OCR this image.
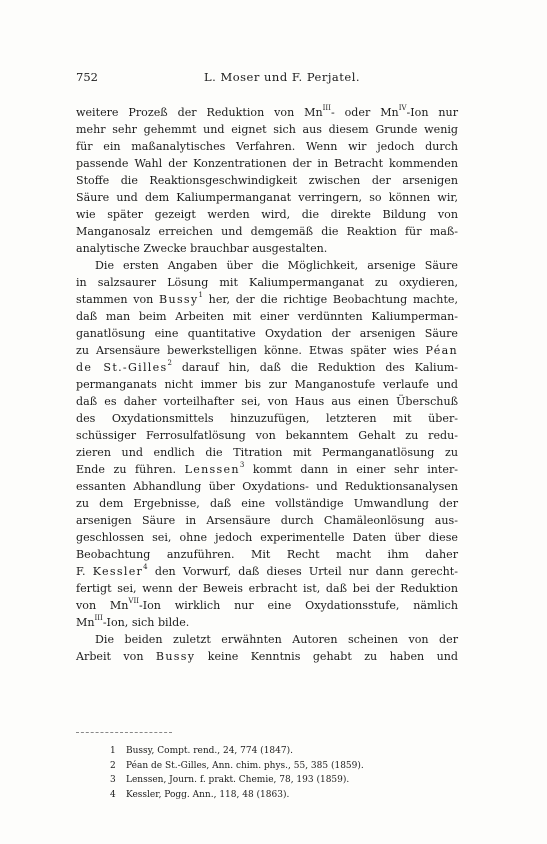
752	L. Moser und F. Perjatel.
weitere Prozeß der Reduktion von $Mn^{III}-$ oder $Mn^{IV}$-Ion nur
mehr sehr gehemmt und eignet sich aus diesem Grunde wenig
für ein maßanalytisches Verfahren. Wenn wir jedoch durch
passende Wahl der Konzentrationen der in Betracht kommenden
Stoffe die Reaktionsgeschwindigkeit zwischen der arsenigen
Säure und dem Kaliumpermanganat verringern, so können wir,
wie später gezeigt werden wird, die direkte Bildung von
Manganosalz erreichen und demgemäß die Reaktion für maß-
analytische Zwecke brauchbar ausgestalten.
Die ersten Angaben über die Möglichkeit, arsenige Säure
in salzsaurer Lösung mit Kaliumpermanganat zu oxydieren,
stammen von Bussy$^1$ her, der die richtige Beobachtung machte,
daß man beim Arbeiten mit einer verdünnten Kaliumperman-
ganatlösung eine quantitative Oxydation der arsenigen Säure
zu Arsensäure bewerkstelligen könne. Etwas später wies Péan
de St.-Gilles$^2$ darauf hin, daß die Reduktion des Kalium-
permanganats nicht immer bis zur Manganostufe verlaufe und
daß es daher vorteilhafter sei, von Haus aus einen Überschuß
des Oxydationsmittels hinzuzufügen, letzteren mit über-
schüssiger Ferrosulfatlösung von bekanntem Gehalt zu redu-
zieren und endlich die Titration mit Permanganatlösung zu
Ende zu führen. Lenssen$^3$ kommt dann in einer sehr inter-
essanten Abhandlung über Oxydations- und Reduktionsanalysen
zu dem Ergebnisse, daß eine vollständige Umwandlung der
arsenigen Säure in Arsensäure durch Chamäleonlösung aus-
geschlossen sei, ohne jedoch experimentelle Daten über diese
Beobachtung anzuführen. Mit Recht macht ihm daher
F. Kessler$^4$ den Vorwurf, daß dieses Urteil nur dann gerecht-
fertigt sei, wenn der Beweis erbracht ist, daß bei der Reduktion
von $Mn^{VII}$-Ion wirklich nur eine Oxydationsstufe, nämlich
$Mn^{III}$-Ion, sich bilde.
Die beiden zuletzt erwähnten Autoren scheinen von der
Arbeit von Bussy keine Kenntnis gehabt zu haben und
1 Bussy, Compt. rend., 24, 774 (1847).
2 Péan de St.-Gilles, Ann. chim. phys., 55, 385 (1859).
3 Lenssen, Journ. f. prakt. Chemie, 78, 193 (1859).
4 Kessler, Pogg. Ann., 118, 48 (1863).
